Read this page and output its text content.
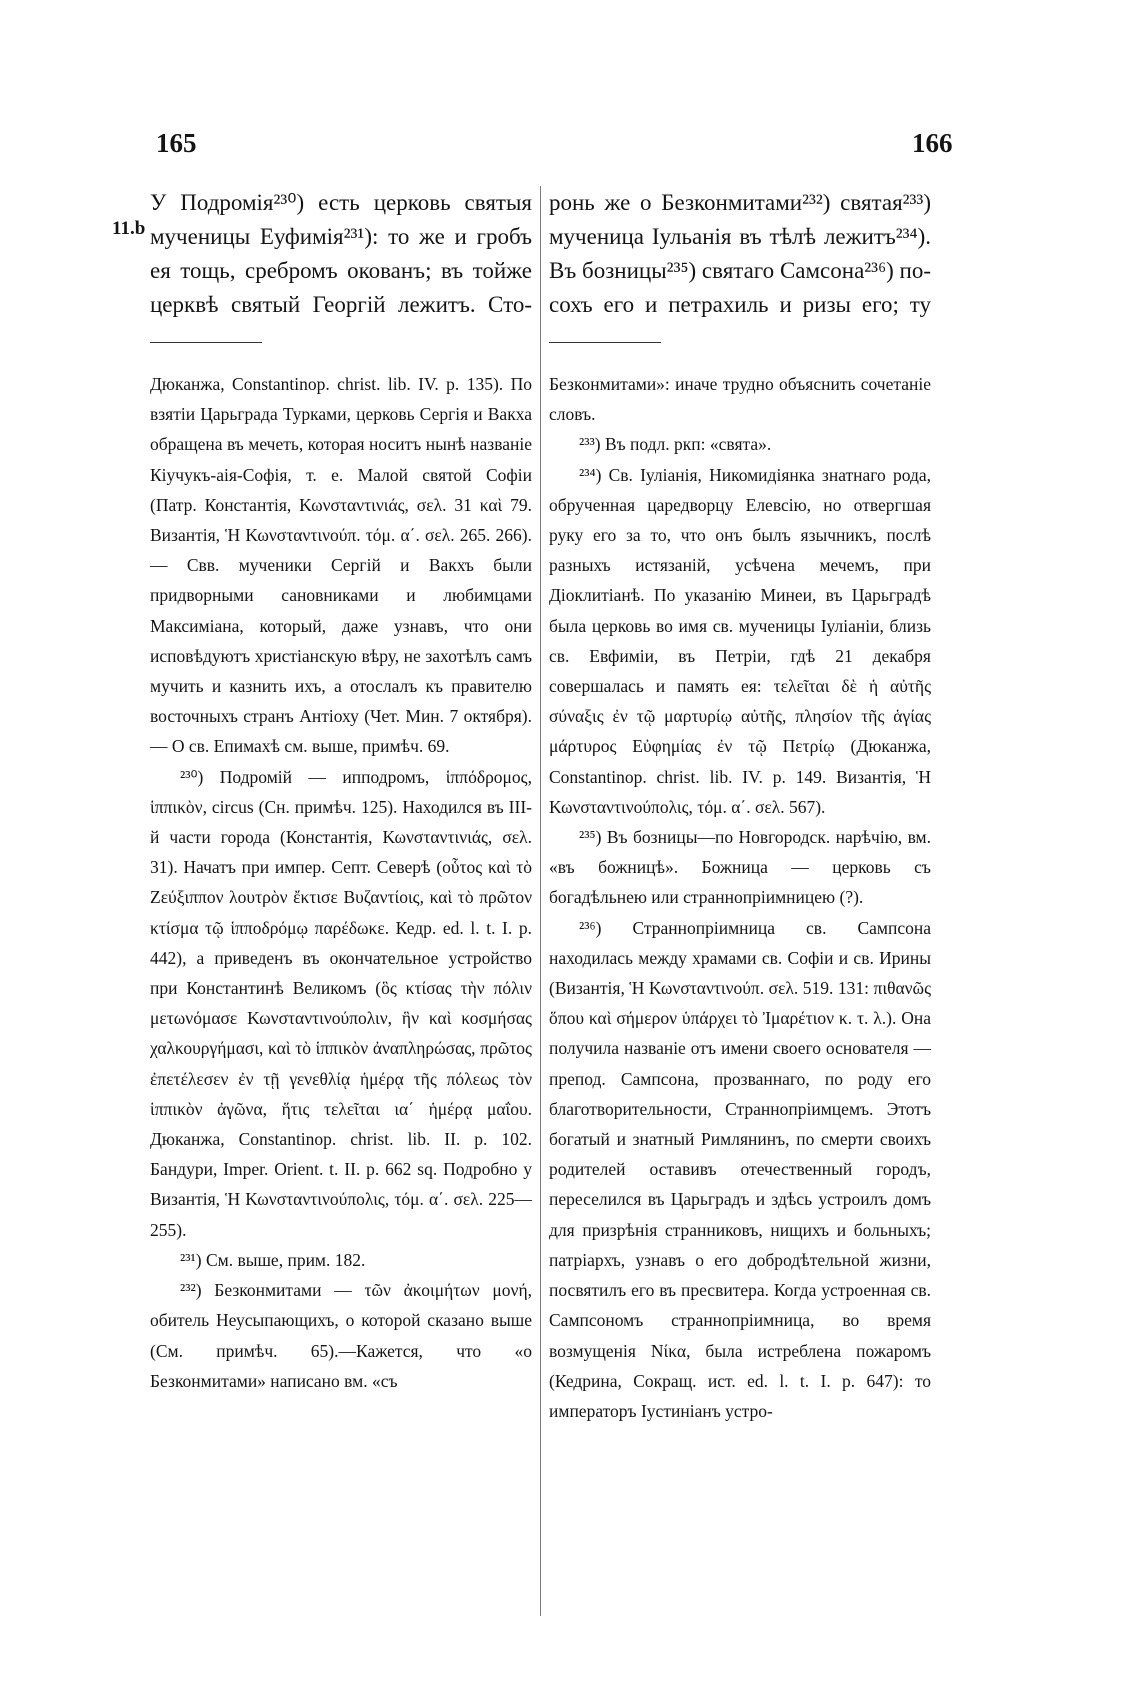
165	166
11.b
У Подромія²³⁰) есть церковь святыя
мученицы Еуфимія²³¹): то же и гробъ
ея тощь, сребромъ окованъ; въ тойже
церквѣ святый Георгій лежитъ. Сто-

Дюканжа, Constantinop. christ. lib. IV. p. 135). По взятіи Царьграда Турками, церковь Сергія и Вакха обращена въ мечеть, которая носитъ нынѣ названіе Кіучукъ-аія-Софія, т. е. Малой святой Софіи (Патр. Константія, Κωνσταντινιάς, σελ. 31 καὶ 79. Византія, Ἡ Κωνσταντινούπ. τόμ. α΄. σελ. 265. 266). — Свв. мученики Сергій и Вакхъ были придворными сановниками и любимцами Максиміана, который, даже узнавъ, что они исповѣдуютъ христіанскую вѣру, не захотѣлъ самъ мучить и казнить ихъ, а отослалъ къ правителю восточныхъ странъ Антіоху (Чет. Мин. 7 октября). — О св. Епимахѣ см. выше, примѣч. 69.

²³⁰) Подромій — ипподромъ, ἱππόδρομος, ἱππικὸν, circus (Сн. примѣч. 125). Находился въ III-й части города (Константія, Κωνσταντινιάς, σελ. 31). Начатъ при импер. Септ. Северѣ (οὗτος καὶ τὸ Ζεύξιππον λουτρὸν ἔκτισε Βυζαντίοις, καὶ τὸ πρῶτον κτίσμα τῷ ἱπποδρόμῳ παρέδωκε. Кедр. ed. l. t. I. p. 442), а приведенъ въ окончательное устройство при Константинѣ Великомъ (ὃς κτίσας τὴν πόλιν μετωνόμασε Κωνσταντινούπολιν, ἣν καὶ κοσμήσας χαλκουργήμασι, καὶ τὸ ἱππικὸν ἀναπληρώσας, πρῶτος ἐπετέλεσεν ἐν τῇ γενεθλίᾳ ἡμέρᾳ τῆς πόλεως τὸν ἱππικὸν ἀγῶνα, ἥτις τελεῖται ια΄ ἡμέρᾳ μαΐου. Дюканжа, Constantinop. christ. lib. II. p. 102. Бандури, Imper. Orient. t. II. p. 662 sq. Подробно у Византія, Ἡ Κωνσταντινούπολις, τόμ. α΄. σελ. 225—255).

²³¹) См. выше, прим. 182.

²³²) Безконмитами — τῶν ἀκοιμήτων μονή, обитель Неусыпающихъ, о которой сказано выше (См. примѣч. 65).—Кажется, что «о Безконмитами» написано вм. «съ

ронь же о Безконмитами²³²) святая²³³)
мученица Іульанія въ тѣлѣ лежитъ²³⁴).
Въ бозницы²³⁵) святаго Самсона²³⁶) по-
сохъ его и петрахиль и ризы его; ту

Безконмитами»: иначе трудно объяснить сочетаніе словъ.

²³³) Въ подл. ркп: «свята».

²³⁴) Св. Іуліанія, Никомидіянка знатнаго рода, обрученная царедворцу Елевсію, но отвергшая руку его за то, что онъ былъ язычникъ, послѣ разныхъ истязаній, усѣчена мечемъ, при Діоклитіанѣ. По указанію Минеи, въ Царьградѣ была церковь во имя св. мученицы Іуліаніи, близь св. Евфиміи, въ Петріи, гдѣ 21 декабря совершалась и память ея: τελεῖται δὲ ἡ αὐτῆς σύναξις ἐν τῷ μαρτυρίῳ αὐτῆς, πλησίον τῆς ἁγίας μάρτυρος Εὐφημίας ἐν τῷ Πετρίῳ (Дюканжа, Constantinop. christ. lib. IV. p. 149. Византія, Ἡ Κωνσταντινούπολις, τόμ. α΄. σελ. 567).

²³⁵) Въ бозницы—по Новгородск. нарѣчію, вм. «въ божницѣ». Божница — церковь съ богадѣльнею или страннопріимницею (?).

²³⁶) Страннопріимница св. Сампсона находилась между храмами св. Софіи и св. Ирины (Византія, Ἡ Κωνσταντινούπ. σελ. 519. 131: πιθανῶς ὅπου καὶ σήμερον ὑπάρχει τὸ Ἰμαρέτιον κ. τ. λ.). Она получила названіе отъ имени своего основателя — препод. Сампсона, прозваннаго, по роду его благотворительности, Страннопріимцемъ. Этотъ богатый и знатный Римлянинъ, по смерти своихъ родителей оставивъ отечественный городъ, переселился въ Царьградъ и здѣсь устроилъ домъ для призрѣнія странниковъ, нищихъ и больныхъ; патріархъ, узнавъ о его добродѣтельной жизни, посвятилъ его въ пресвитера. Когда устроенная св. Сампсономъ страннопріимница, во время возмущенія Νίκα, была истреблена пожаромъ (Кедрина, Сокращ. ист. ed. l. t. I. p. 647): то императоръ Іустиніанъ устро-
